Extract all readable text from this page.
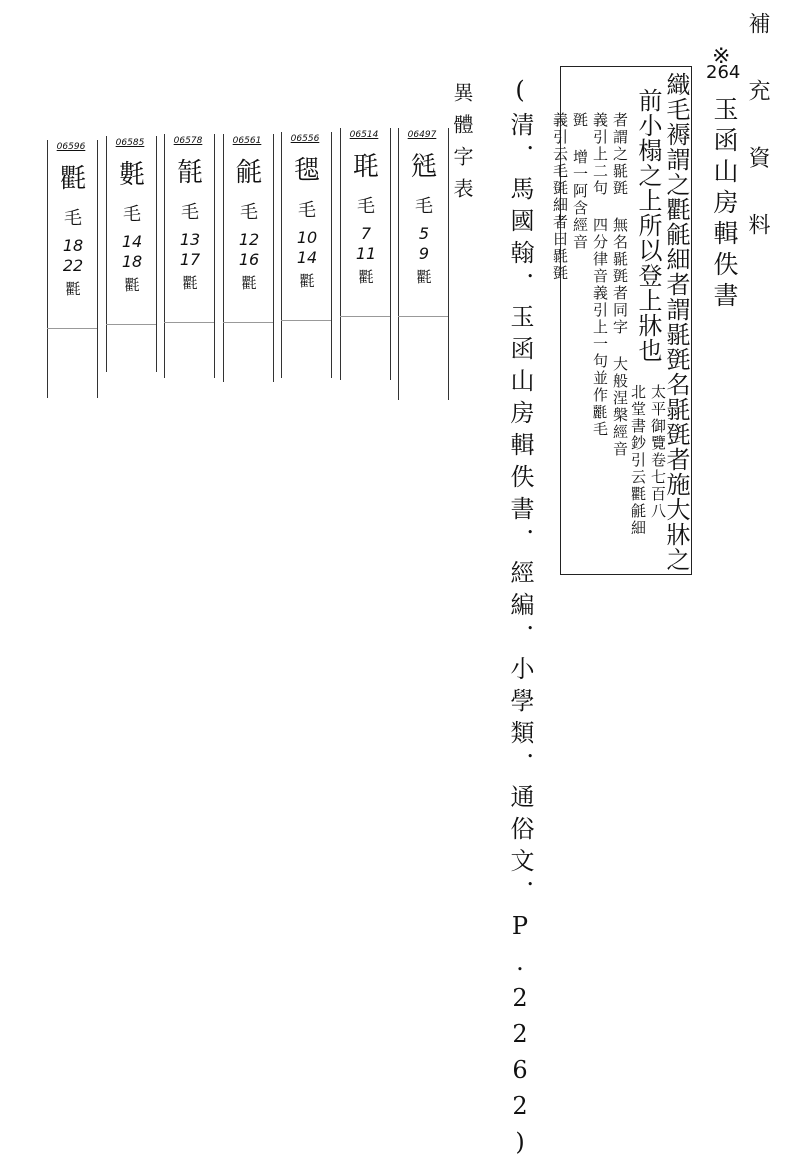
補 充 資 料
※
264
玉函山房輯佚書
織毛褥謂之氍毹細者謂毾㲪名毾㲪者施大牀之
前小榻之上所以登上牀也
太平御覽卷七百八
北堂書鈔引云氍毹細
者謂之毾㲪 無名毾㲪者同字 大般涅槃經音
義引上二句 四分律音義引上一句並作𣰿毛
㲪 增一阿含經音
義引云毛㲪細者曰毾㲪
(清．馬國翰．玉函山房輯佚書．經編．小學類．通俗文．P.2262)
異體字表
06497
毤
毛
5
9
氍
06514
毦
毛
7
11
氍
06556
毸
毛
10
14
氍
06561
毹
毛
12
16
氍
06578
毻
毛
13
17
氍
06585
氀
毛
14
18
氍
06596
氍
毛
18
22
氍
